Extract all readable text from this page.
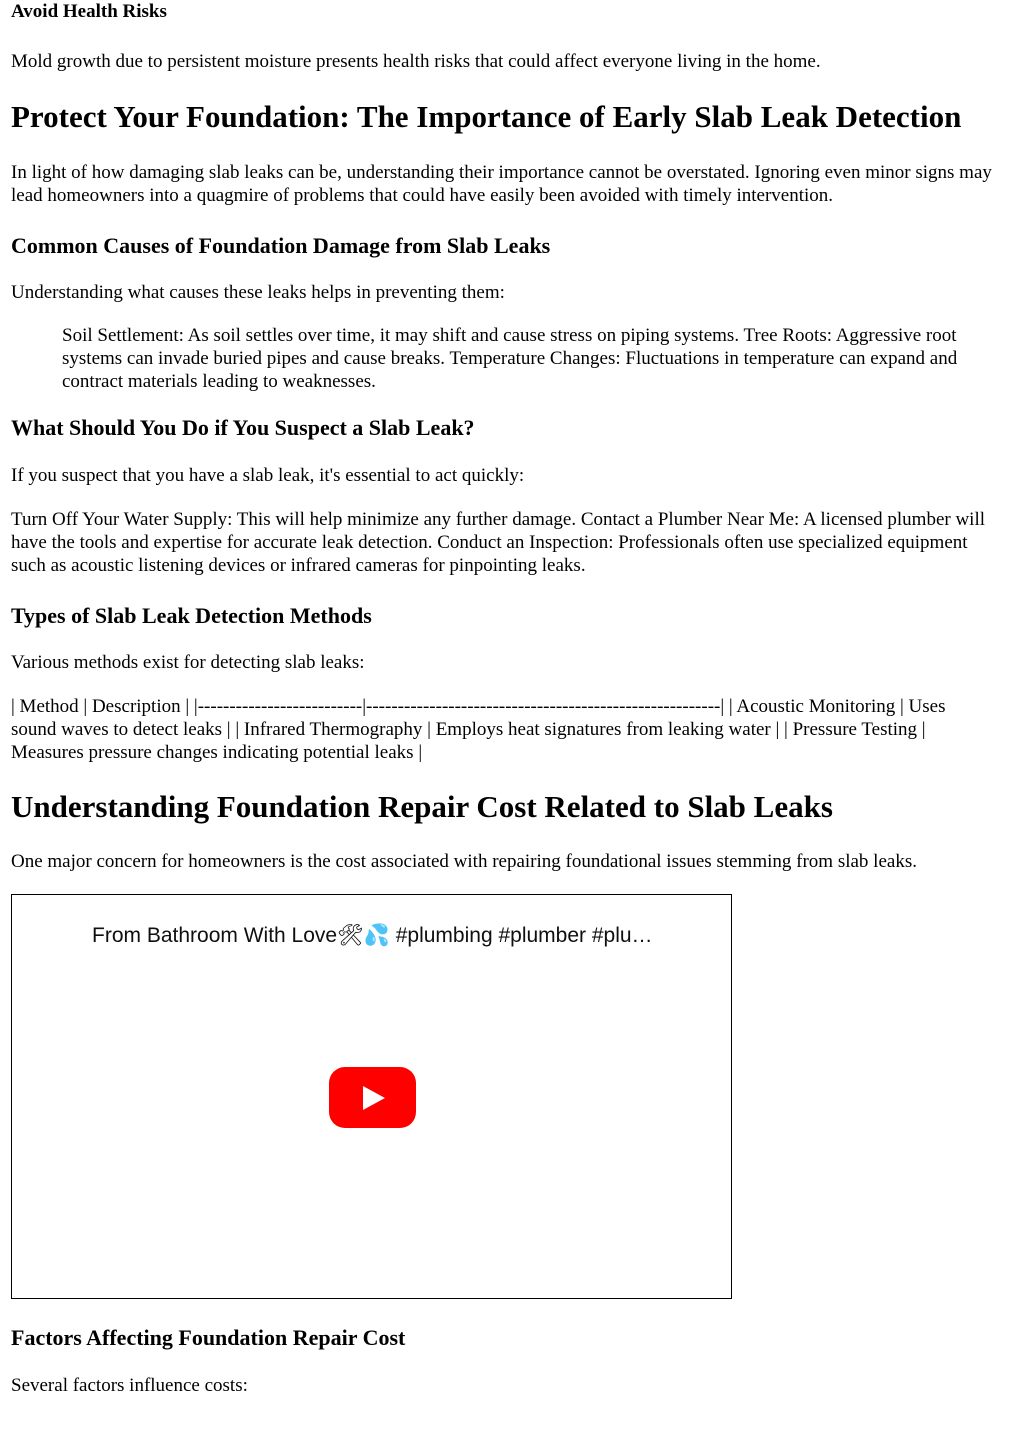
Avoid Health Risks

Mold growth due to persistent moisture presents health risks that could affect everyone living in the home.

Protect Your Foundation: The Importance of Early Slab Leak Detection

In light of how damaging slab leaks can be, understanding their importance cannot be overstated. Ignoring even minor signs may lead homeowners into a quagmire of problems that could have easily been avoided with timely intervention.

Common Causes of Foundation Damage from Slab Leaks

Understanding what causes these leaks helps in preventing them:

Soil Settlement: As soil settles over time, it may shift and cause stress on piping systems. Tree Roots: Aggressive root systems can invade buried pipes and cause breaks. Temperature Changes: Fluctuations in temperature can expand and contract materials leading to weaknesses.
What Should You Do if You Suspect a Slab Leak?

If you suspect that you have a slab leak, it's essential to act quickly:

Turn Off Your Water Supply: This will help minimize any further damage. Contact a Plumber Near Me: A licensed plumber will have the tools and expertise for accurate leak detection. Conduct an Inspection: Professionals often use specialized equipment such as acoustic listening devices or infrared cameras for pinpointing leaks.

Types of Slab Leak Detection Methods

Various methods exist for detecting slab leaks:

| Method | Description | |--------------------------|--------------------------------------------------------| | Acoustic Monitoring | Uses sound waves to detect leaks | | Infrared Thermography | Employs heat signatures from leaking water | | Pressure Testing | Measures pressure changes indicating potential leaks |

Understanding Foundation Repair Cost Related to Slab Leaks

One major concern for homeowners is the cost associated with repairing foundational issues stemming from slab leaks.

From Bathroom With Love🛠💦 #plumbing #plumber #plu…
Factors Affecting Foundation Repair Cost

Several factors influence costs:
